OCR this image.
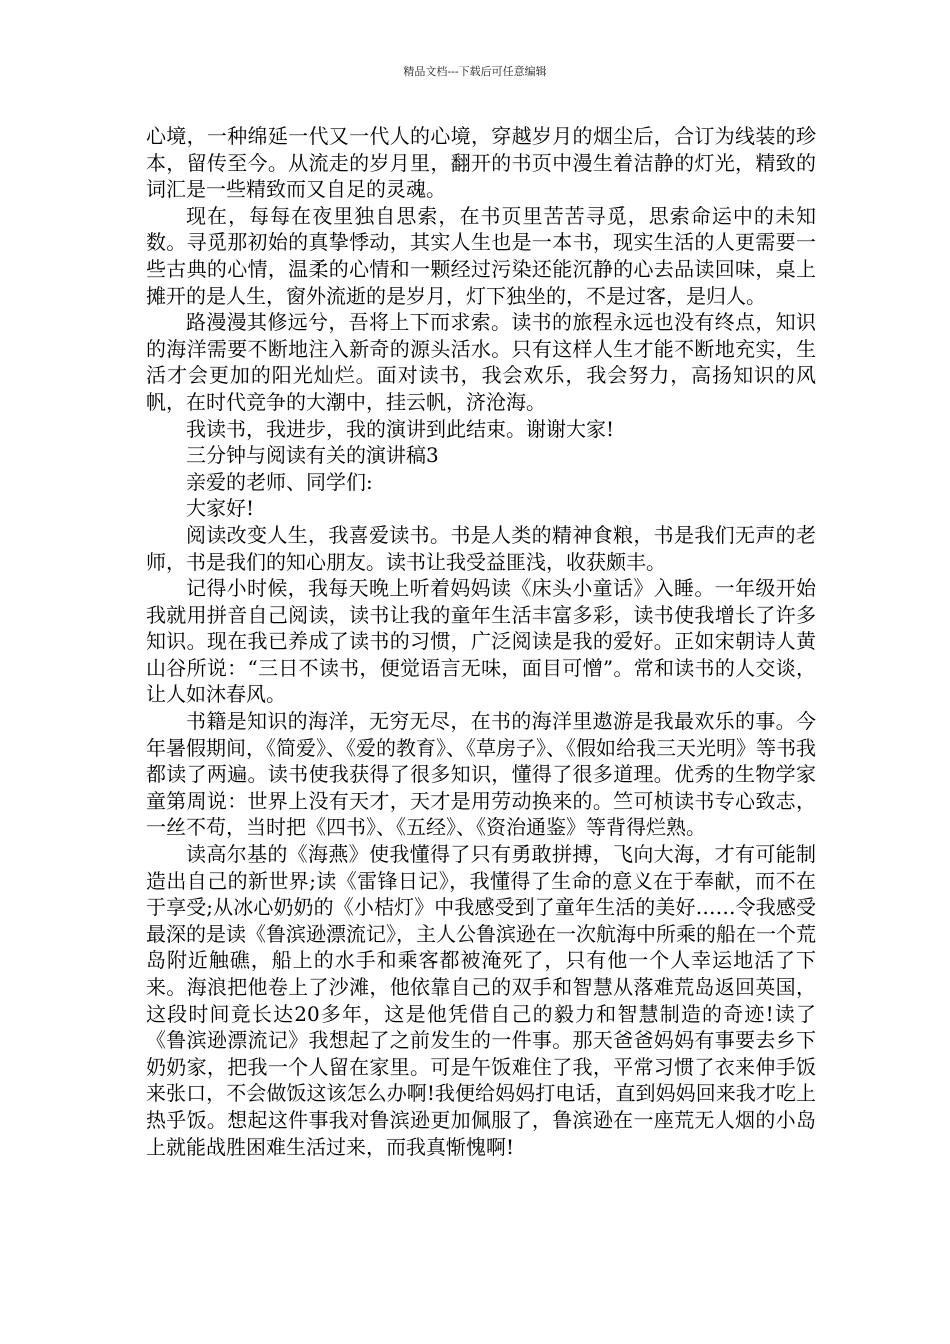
精品文档---下载后可任意编辑

心境，一种绵延一代又一代人的心境，穿越岁月的烟尘后，合订为线装的珍本，留传至今。从流走的岁月里，翻开的书页中漫生着洁静的灯光，精致的词汇是一些精致而又自足的灵魂。

现在，每每在夜里独自思索，在书页里苦苦寻觅，思索命运中的未知数。寻觅那初始的真挚悸动，其实人生也是一本书，现实生活的人更需要一些古典的心情，温柔的心情和一颗经过污染还能沉静的心去品读回味，桌上摊开的是人生，窗外流逝的是岁月，灯下独坐的，不是过客，是归人。

路漫漫其修远兮，吾将上下而求索。读书的旅程永远也没有终点，知识的海洋需要不断地注入新奇的源头活水。只有这样人生才能不断地充实，生活才会更加的阳光灿烂。面对读书，我会欢乐，我会努力，高扬知识的风帆，在时代竞争的大潮中，挂云帆，济沧海。

我读书，我进步，我的演讲到此结束。谢谢大家!

三分钟与阅读有关的演讲稿3

亲爱的老师、同学们:

大家好!

阅读改变人生，我喜爱读书。书是人类的精神食粮，书是我们无声的老师，书是我们的知心朋友。读书让我受益匪浅，收获颇丰。

记得小时候，我每天晚上听着妈妈读《床头小童话》入睡。一年级开始我就用拼音自己阅读，读书让我的童年生活丰富多彩，读书使我增长了许多知识。现在我已养成了读书的习惯，广泛阅读是我的爱好。正如宋朝诗人黄山谷所说：“三日不读书，便觉语言无味，面目可憎”。常和读书的人交谈，让人如沐春风。

书籍是知识的海洋，无穷无尽，在书的海洋里遨游是我最欢乐的事。今年暑假期间，《简爱》、《爱的教育》、《草房子》、《假如给我三天光明》等书我都读了两遍。读书使我获得了很多知识，懂得了很多道理。优秀的生物学家童第周说：世界上没有天才，天才是用劳动换来的。竺可桢读书专心致志，一丝不苟，当时把《四书》、《五经》、《资治通鉴》等背得烂熟。

读高尔基的《海燕》使我懂得了只有勇敢拼搏，飞向大海，才有可能制造出自己的新世界;读《雷锋日记》，我懂得了生命的意义在于奉献，而不在于享受;从冰心奶奶的《小桔灯》中我感受到了童年生活的美好……令我感受最深的是读《鲁滨逊漂流记》，主人公鲁滨逊在一次航海中所乘的船在一个荒岛附近触礁，船上的水手和乘客都被淹死了，只有他一个人幸运地活了下来。海浪把他卷上了沙滩，他依靠自己的双手和智慧从落难荒岛返回英国，这段时间竟长达20多年，这是他凭借自己的毅力和智慧制造的奇迹!读了《鲁滨逊漂流记》我想起了之前发生的一件事。那天爸爸妈妈有事要去乡下奶奶家，把我一个人留在家里。可是午饭难住了我，平常习惯了衣来伸手饭来张口，不会做饭这该怎么办啊!我便给妈妈打电话，直到妈妈回来我才吃上热乎饭。想起这件事我对鲁滨逊更加佩服了，鲁滨逊在一座荒无人烟的小岛上就能战胜困难生活过来，而我真惭愧啊!
